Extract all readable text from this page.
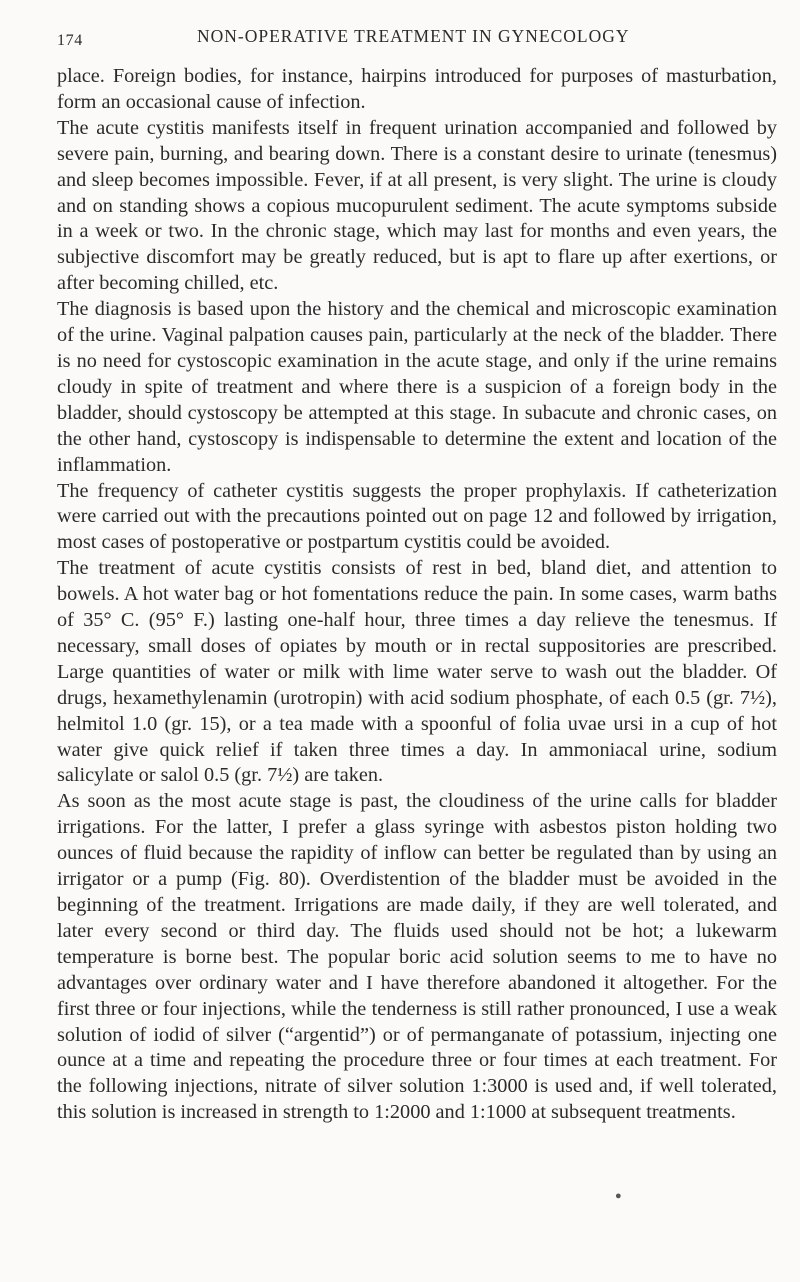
174	NON-OPERATIVE TREATMENT IN GYNECOLOGY

place. Foreign bodies, for instance, hairpins introduced for purposes of masturbation, form an occasional cause of infection.

The acute cystitis manifests itself in frequent urination accompanied and followed by severe pain, burning, and bearing down. There is a constant desire to urinate (tenesmus) and sleep becomes impossible. Fever, if at all present, is very slight. The urine is cloudy and on standing shows a copious mucopurulent sediment. The acute symptoms subside in a week or two. In the chronic stage, which may last for months and even years, the subjective discomfort may be greatly reduced, but is apt to flare up after exertions, or after becoming chilled, etc.

The diagnosis is based upon the history and the chemical and microscopic examination of the urine. Vaginal palpation causes pain, particularly at the neck of the bladder. There is no need for cystoscopic examination in the acute stage, and only if the urine remains cloudy in spite of treatment and where there is a suspicion of a foreign body in the bladder, should cystoscopy be attempted at this stage. In subacute and chronic cases, on the other hand, cystoscopy is indispensable to determine the extent and location of the inflammation.

The frequency of catheter cystitis suggests the proper prophylaxis. If catheterization were carried out with the precautions pointed out on page 12 and followed by irrigation, most cases of postoperative or postpartum cystitis could be avoided.

The treatment of acute cystitis consists of rest in bed, bland diet, and attention to bowels. A hot water bag or hot fomentations reduce the pain. In some cases, warm baths of 35° C. (95° F.) lasting one-half hour, three times a day relieve the tenesmus. If necessary, small doses of opiates by mouth or in rectal suppositories are prescribed. Large quantities of water or milk with lime water serve to wash out the bladder. Of drugs, hexamethylenamin (urotropin) with acid sodium phosphate, of each 0.5 (gr. 7½), helmitol 1.0 (gr. 15), or a tea made with a spoonful of folia uvae ursi in a cup of hot water give quick relief if taken three times a day. In ammoniacal urine, sodium salicylate or salol 0.5 (gr. 7½) are taken.

As soon as the most acute stage is past, the cloudiness of the urine calls for bladder irrigations. For the latter, I prefer a glass syringe with asbestos piston holding two ounces of fluid because the rapidity of inflow can better be regulated than by using an irrigator or a pump (Fig. 80). Overdistention of the bladder must be avoided in the beginning of the treatment. Irrigations are made daily, if they are well tolerated, and later every second or third day. The fluids used should not be hot; a lukewarm temperature is borne best. The popular boric acid solution seems to me to have no advantages over ordinary water and I have therefore abandoned it altogether. For the first three or four injections, while the tenderness is still rather pronounced, I use a weak solution of iodid of silver (“argentid”) or of permanganate of potassium, injecting one ounce at a time and repeating the procedure three or four times at each treatment. For the following injections, nitrate of silver solution 1:3000 is used and, if well tolerated, this solution is increased in strength to 1:2000 and 1:1000 at subsequent treatments.

●
